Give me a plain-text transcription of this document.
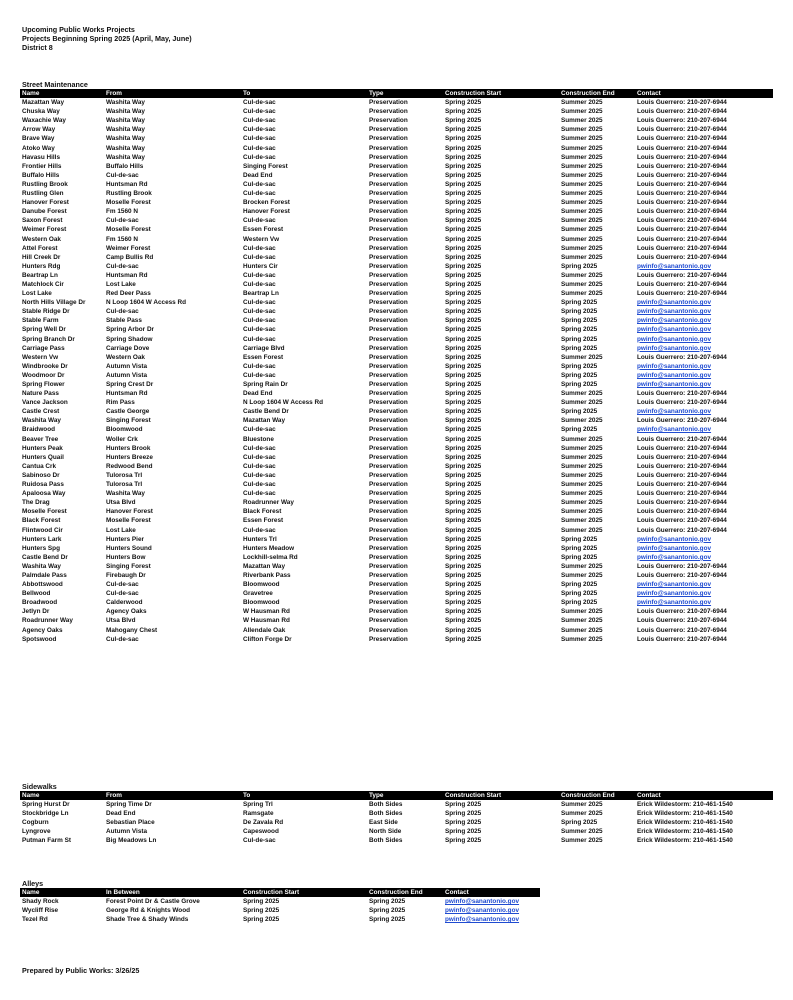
Upcoming Public Works Projects
Projects Beginning Spring 2025 (April, May, June)
District 8
Street Maintenance
Name	From	To	Type	Construction Start	Construction End	Contact
Mazattan Way	Washita Way	Cul-de-sac	Preservation	Spring 2025	Summer 2025	Louis Guerrero: 210-207-6944
Chuska Way	Washita Way	Cul-de-sac	Preservation	Spring 2025	Summer 2025	Louis Guerrero: 210-207-6944
Waxachie Way	Washita Way	Cul-de-sac	Preservation	Spring 2025	Summer 2025	Louis Guerrero: 210-207-6944
Arrow Way	Washita Way	Cul-de-sac	Preservation	Spring 2025	Summer 2025	Louis Guerrero: 210-207-6944
Brave Way	Washita Way	Cul-de-sac	Preservation	Spring 2025	Summer 2025	Louis Guerrero: 210-207-6944
Atoko Way	Washita Way	Cul-de-sac	Preservation	Spring 2025	Summer 2025	Louis Guerrero: 210-207-6944
Havasu Hills	Washita Way	Cul-de-sac	Preservation	Spring 2025	Summer 2025	Louis Guerrero: 210-207-6944
Frontier Hills	Buffalo Hills	Singing Forest	Preservation	Spring 2025	Summer 2025	Louis Guerrero: 210-207-6944
Buffalo Hills	Cul-de-sac	Dead End	Preservation	Spring 2025	Summer 2025	Louis Guerrero: 210-207-6944
Rustling Brook	Huntsman Rd	Cul-de-sac	Preservation	Spring 2025	Summer 2025	Louis Guerrero: 210-207-6944
Rustling Glen	Rustling Brook	Cul-de-sac	Preservation	Spring 2025	Summer 2025	Louis Guerrero: 210-207-6944
Hanover Forest	Moselle Forest	Brocken Forest	Preservation	Spring 2025	Summer 2025	Louis Guerrero: 210-207-6944
Danube Forest	Fm 1560 N	Hanover Forest	Preservation	Spring 2025	Summer 2025	Louis Guerrero: 210-207-6944
Saxon Forest	Cul-de-sac	Cul-de-sac	Preservation	Spring 2025	Summer 2025	Louis Guerrero: 210-207-6944
Weimer Forest	Moselle Forest	Essen Forest	Preservation	Spring 2025	Summer 2025	Louis Guerrero: 210-207-6944
Western Oak	Fm 1560 N	Western Vw	Preservation	Spring 2025	Summer 2025	Louis Guerrero: 210-207-6944
Attel Forest	Weimer Forest	Cul-de-sac	Preservation	Spring 2025	Summer 2025	Louis Guerrero: 210-207-6944
Hill Creek Dr	Camp Bullis Rd	Cul-de-sac	Preservation	Spring 2025	Summer 2025	Louis Guerrero: 210-207-6944
Hunters Rdg	Cul-de-sac	Hunters Cir	Preservation	Spring 2025	Spring 2025	pwinfo@sanantonio.gov
Beartrap Ln	Huntsman Rd	Cul-de-sac	Preservation	Spring 2025	Summer 2025	Louis Guerrero: 210-207-6944
Matchlock Cir	Lost Lake	Cul-de-sac	Preservation	Spring 2025	Summer 2025	Louis Guerrero: 210-207-6944
Lost Lake	Red Deer Pass	Beartrap Ln	Preservation	Spring 2025	Summer 2025	Louis Guerrero: 210-207-6944
North Hills Village Dr	N Loop 1604 W Access Rd	Cul-de-sac	Preservation	Spring 2025	Spring 2025	pwinfo@sanantonio.gov
Stable Ridge Dr	Cul-de-sac	Cul-de-sac	Preservation	Spring 2025	Spring 2025	pwinfo@sanantonio.gov
Stable Farm	Stable Pass	Cul-de-sac	Preservation	Spring 2025	Spring 2025	pwinfo@sanantonio.gov
Spring Well Dr	Spring Arbor Dr	Cul-de-sac	Preservation	Spring 2025	Spring 2025	pwinfo@sanantonio.gov
Spring Branch Dr	Spring Shadow	Cul-de-sac	Preservation	Spring 2025	Spring 2025	pwinfo@sanantonio.gov
Carriage Pass	Carriage Dove	Carriage Blvd	Preservation	Spring 2025	Spring 2025	pwinfo@sanantonio.gov
Western Vw	Western Oak	Essen Forest	Preservation	Spring 2025	Summer 2025	Louis Guerrero: 210-207-6944
Windbrooke Dr	Autumn Vista	Cul-de-sac	Preservation	Spring 2025	Spring 2025	pwinfo@sanantonio.gov
Woodmoor Dr	Autumn Vista	Cul-de-sac	Preservation	Spring 2025	Spring 2025	pwinfo@sanantonio.gov
Spring Flower	Spring Crest Dr	Spring Rain Dr	Preservation	Spring 2025	Spring 2025	pwinfo@sanantonio.gov
Nature Pass	Huntsman Rd	Dead End	Preservation	Spring 2025	Summer 2025	Louis Guerrero: 210-207-6944
Vance Jackson	Rim Pass	N Loop 1604 W Access Rd	Preservation	Spring 2025	Summer 2025	Louis Guerrero: 210-207-6944
Castle Crest	Castle George	Castle Bend Dr	Preservation	Spring 2025	Spring 2025	pwinfo@sanantonio.gov
Washita Way	Singing Forest	Mazattan Way	Preservation	Spring 2025	Summer 2025	Louis Guerrero: 210-207-6944
Braidwood	Bloomwood	Cul-de-sac	Preservation	Spring 2025	Spring 2025	pwinfo@sanantonio.gov
Beaver Tree	Woller Crk	Bluestone	Preservation	Spring 2025	Summer 2025	Louis Guerrero: 210-207-6944
Hunters Peak	Hunters Brook	Cul-de-sac	Preservation	Spring 2025	Summer 2025	Louis Guerrero: 210-207-6944
Hunters Quail	Hunters Breeze	Cul-de-sac	Preservation	Spring 2025	Summer 2025	Louis Guerrero: 210-207-6944
Cantua Crk	Redwood Bend	Cul-de-sac	Preservation	Spring 2025	Summer 2025	Louis Guerrero: 210-207-6944
Sabinoso Dr	Tulorosa Trl	Cul-de-sac	Preservation	Spring 2025	Summer 2025	Louis Guerrero: 210-207-6944
Ruidosa Pass	Tulorosa Trl	Cul-de-sac	Preservation	Spring 2025	Summer 2025	Louis Guerrero: 210-207-6944
Apaloosa Way	Washita Way	Cul-de-sac	Preservation	Spring 2025	Summer 2025	Louis Guerrero: 210-207-6944
The Drag	Utsa Blvd	Roadrunner Way	Preservation	Spring 2025	Summer 2025	Louis Guerrero: 210-207-6944
Moselle Forest	Hanover Forest	Black Forest	Preservation	Spring 2025	Summer 2025	Louis Guerrero: 210-207-6944
Black Forest	Moselle Forest	Essen Forest	Preservation	Spring 2025	Summer 2025	Louis Guerrero: 210-207-6944
Flintwood Cir	Lost Lake	Cul-de-sac	Preservation	Spring 2025	Summer 2025	Louis Guerrero: 210-207-6944
Hunters Lark	Hunters Pier	Hunters Trl	Preservation	Spring 2025	Spring 2025	pwinfo@sanantonio.gov
Hunters Spg	Hunters Sound	Hunters Meadow	Preservation	Spring 2025	Spring 2025	pwinfo@sanantonio.gov
Castle Bend Dr	Hunters Bow	Lockhill-selma Rd	Preservation	Spring 2025	Spring 2025	pwinfo@sanantonio.gov
Washita Way	Singing Forest	Mazattan Way	Preservation	Spring 2025	Summer 2025	Louis Guerrero: 210-207-6944
Palmdale Pass	Firebaugh Dr	Riverbank Pass	Preservation	Spring 2025	Summer 2025	Louis Guerrero: 210-207-6944
Abbottswood	Cul-de-sac	Bloomwood	Preservation	Spring 2025	Spring 2025	pwinfo@sanantonio.gov
Bellwood	Cul-de-sac	Gravetree	Preservation	Spring 2025	Spring 2025	pwinfo@sanantonio.gov
Broadwood	Calderwood	Bloomwood	Preservation	Spring 2025	Spring 2025	pwinfo@sanantonio.gov
Jetlyn Dr	Agency Oaks	W Hausman Rd	Preservation	Spring 2025	Summer 2025	Louis Guerrero: 210-207-6944
Roadrunner Way	Utsa Blvd	W Hausman Rd	Preservation	Spring 2025	Summer 2025	Louis Guerrero: 210-207-6944
Agency Oaks	Mahogany Chest	Allendale Oak	Preservation	Spring 2025	Summer 2025	Louis Guerrero: 210-207-6944
Spotswood	Cul-de-sac	Clifton Forge Dr	Preservation	Spring 2025	Summer 2025	Louis Guerrero: 210-207-6944
Sidewalks
Name	From	To	Type	Construction Start	Construction End	Contact
Spring Hurst Dr	Spring Time Dr	Spring Trl	Both Sides	Spring 2025	Summer 2025	Erick Wildestorm: 210-461-1540
Stockbridge Ln	Dead End	Ramsgate	Both Sides	Spring 2025	Summer 2025	Erick Wildestorm: 210-461-1540
Cogburn	Sebastian Place	De Zavala Rd	East Side	Spring 2025	Spring 2025	Erick Wildestorm: 210-461-1540
Lyngrove	Autumn Vista	Capeswood	North Side	Spring 2025	Summer 2025	Erick Wildestorm: 210-461-1540
Putman Farm St	Big Meadows Ln	Cul-de-sac	Both Sides	Spring 2025	Summer 2025	Erick Wildestorm: 210-461-1540
Alleys
Name	In Between	Construction Start	Construction End	Contact
Shady Rock	Forest Point Dr & Castle Grove	Spring 2025	Spring 2025	pwinfo@sanantonio.gov
Wycliff Rise	George Rd & Knights Wood	Spring 2025	Spring 2025	pwinfo@sanantonio.gov
Tezel Rd	Shade Tree & Shady Winds	Spring 2025	Spring 2025	pwinfo@sanantonio.gov
Prepared by Public Works: 3/26/25
